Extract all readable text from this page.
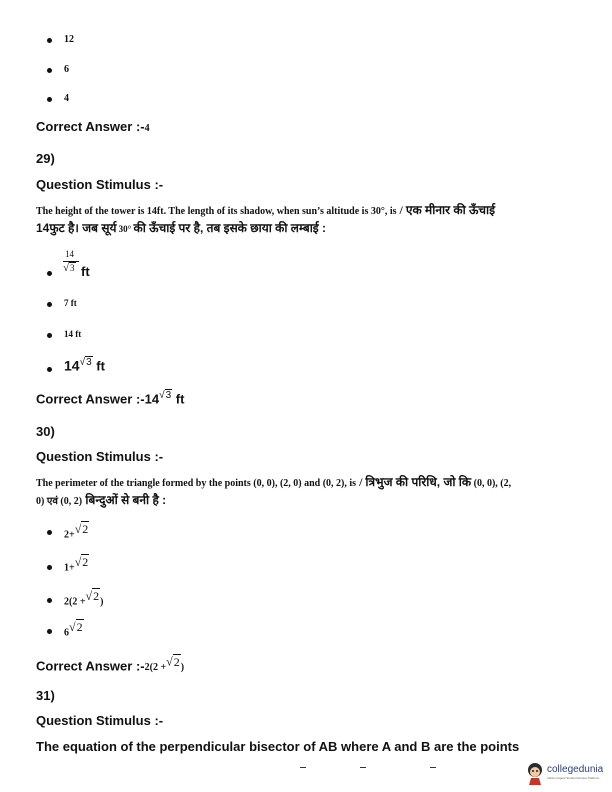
12
6
4
Correct Answer :-4
29)
Question Stimulus :-
The height of the tower is 14ft. The length of its shadow, when sun’s altitude is 30°, is / एक मीनार की ऊँचाई
14फुट है। जब सूर्य 30° की ऊँचाई पर है, तब इसके छाया की लम्बाई :
14
√3 ft
7 ft
14 ft
$14^{√3}$ ft
Correct Answer $:-14^{√3}$ ft
30)
Question Stimulus :-
The perimeter of the triangle formed by the points (0, 0), (2, 0) and (0, 2), is / त्रिभुज की परिधि, जो कि (0, 0), (2,
0) एवं (0, 2) बिन्दुओं से बनी है :
2+$^{√2}$
1+$^{√2}$
2(2 +$^{√2}$)
$6^{√2}$
Correct Answer :-2(2 +$^{√2}$)
31)
Question Stimulus :-
The equation of the perpendicular bisector of AB where A and B are the points
collegedunia
India's largest Student Review Platform
